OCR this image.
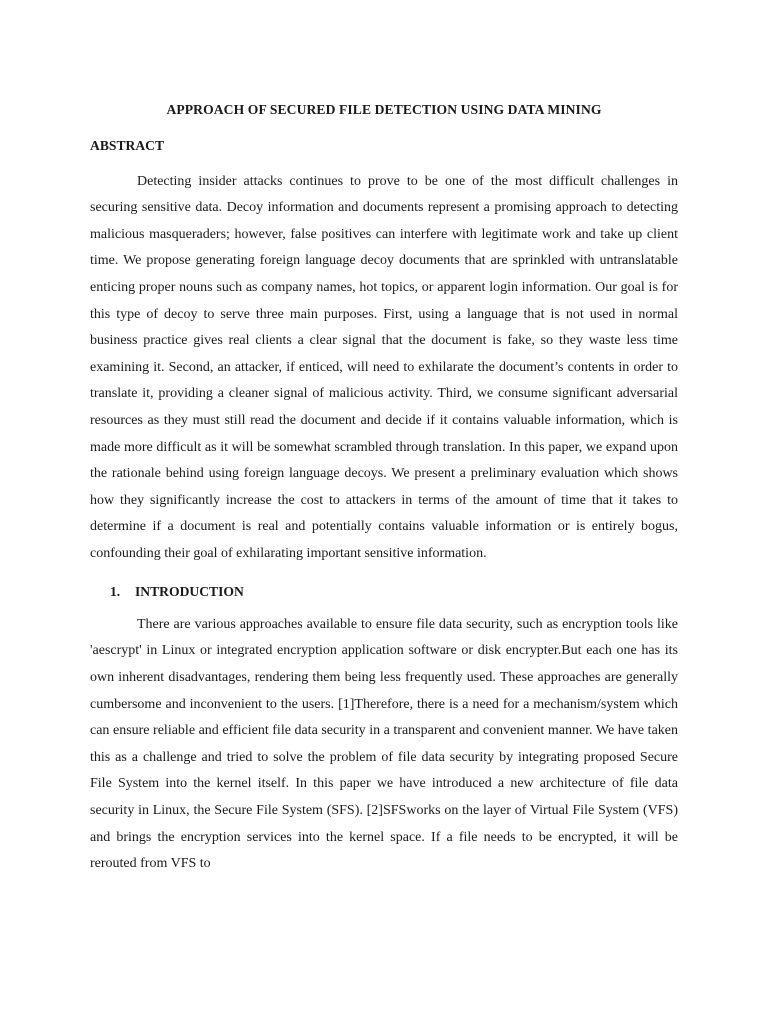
APPROACH OF SECURED FILE DETECTION USING DATA MINING
ABSTRACT

Detecting insider attacks continues to prove to be one of the most difficult challenges in securing sensitive data. Decoy information and documents represent a promising approach to detecting malicious masqueraders; however, false positives can interfere with legitimate work and take up client time. We propose generating foreign language decoy documents that are sprinkled with untranslatable enticing proper nouns such as company names, hot topics, or apparent login information. Our goal is for this type of decoy to serve three main purposes. First, using a language that is not used in normal business practice gives real clients a clear signal that the document is fake, so they waste less time examining it. Second, an attacker, if enticed, will need to exhilarate the document’s contents in order to translate it, providing a cleaner signal of malicious activity. Third, we consume significant adversarial resources as they must still read the document and decide if it contains valuable information, which is made more difficult as it will be somewhat scrambled through translation. In this paper, we expand upon the rationale behind using foreign language decoys. We present a preliminary evaluation which shows how they significantly increase the cost to attackers in terms of the amount of time that it takes to determine if a document is real and potentially contains valuable information or is entirely bogus, confounding their goal of exhilarating important sensitive information.

1. INTRODUCTION

There are various approaches available to ensure file data security, such as encryption tools like 'aescrypt' in Linux or integrated encryption application software or disk encrypter.But each one has its own inherent disadvantages, rendering them being less frequently used. These approaches are generally cumbersome and inconvenient to the users. [1]Therefore, there is a need for a mechanism/system which can ensure reliable and efficient file data security in a transparent and convenient manner. We have taken this as a challenge and tried to solve the problem of file data security by integrating proposed Secure File System into the kernel itself. In this paper we have introduced a new architecture of file data security in Linux, the Secure File System (SFS). [2]SFSworks on the layer of Virtual File System (VFS) and brings the encryption services into the kernel space. If a file needs to be encrypted, it will be rerouted from VFS to
